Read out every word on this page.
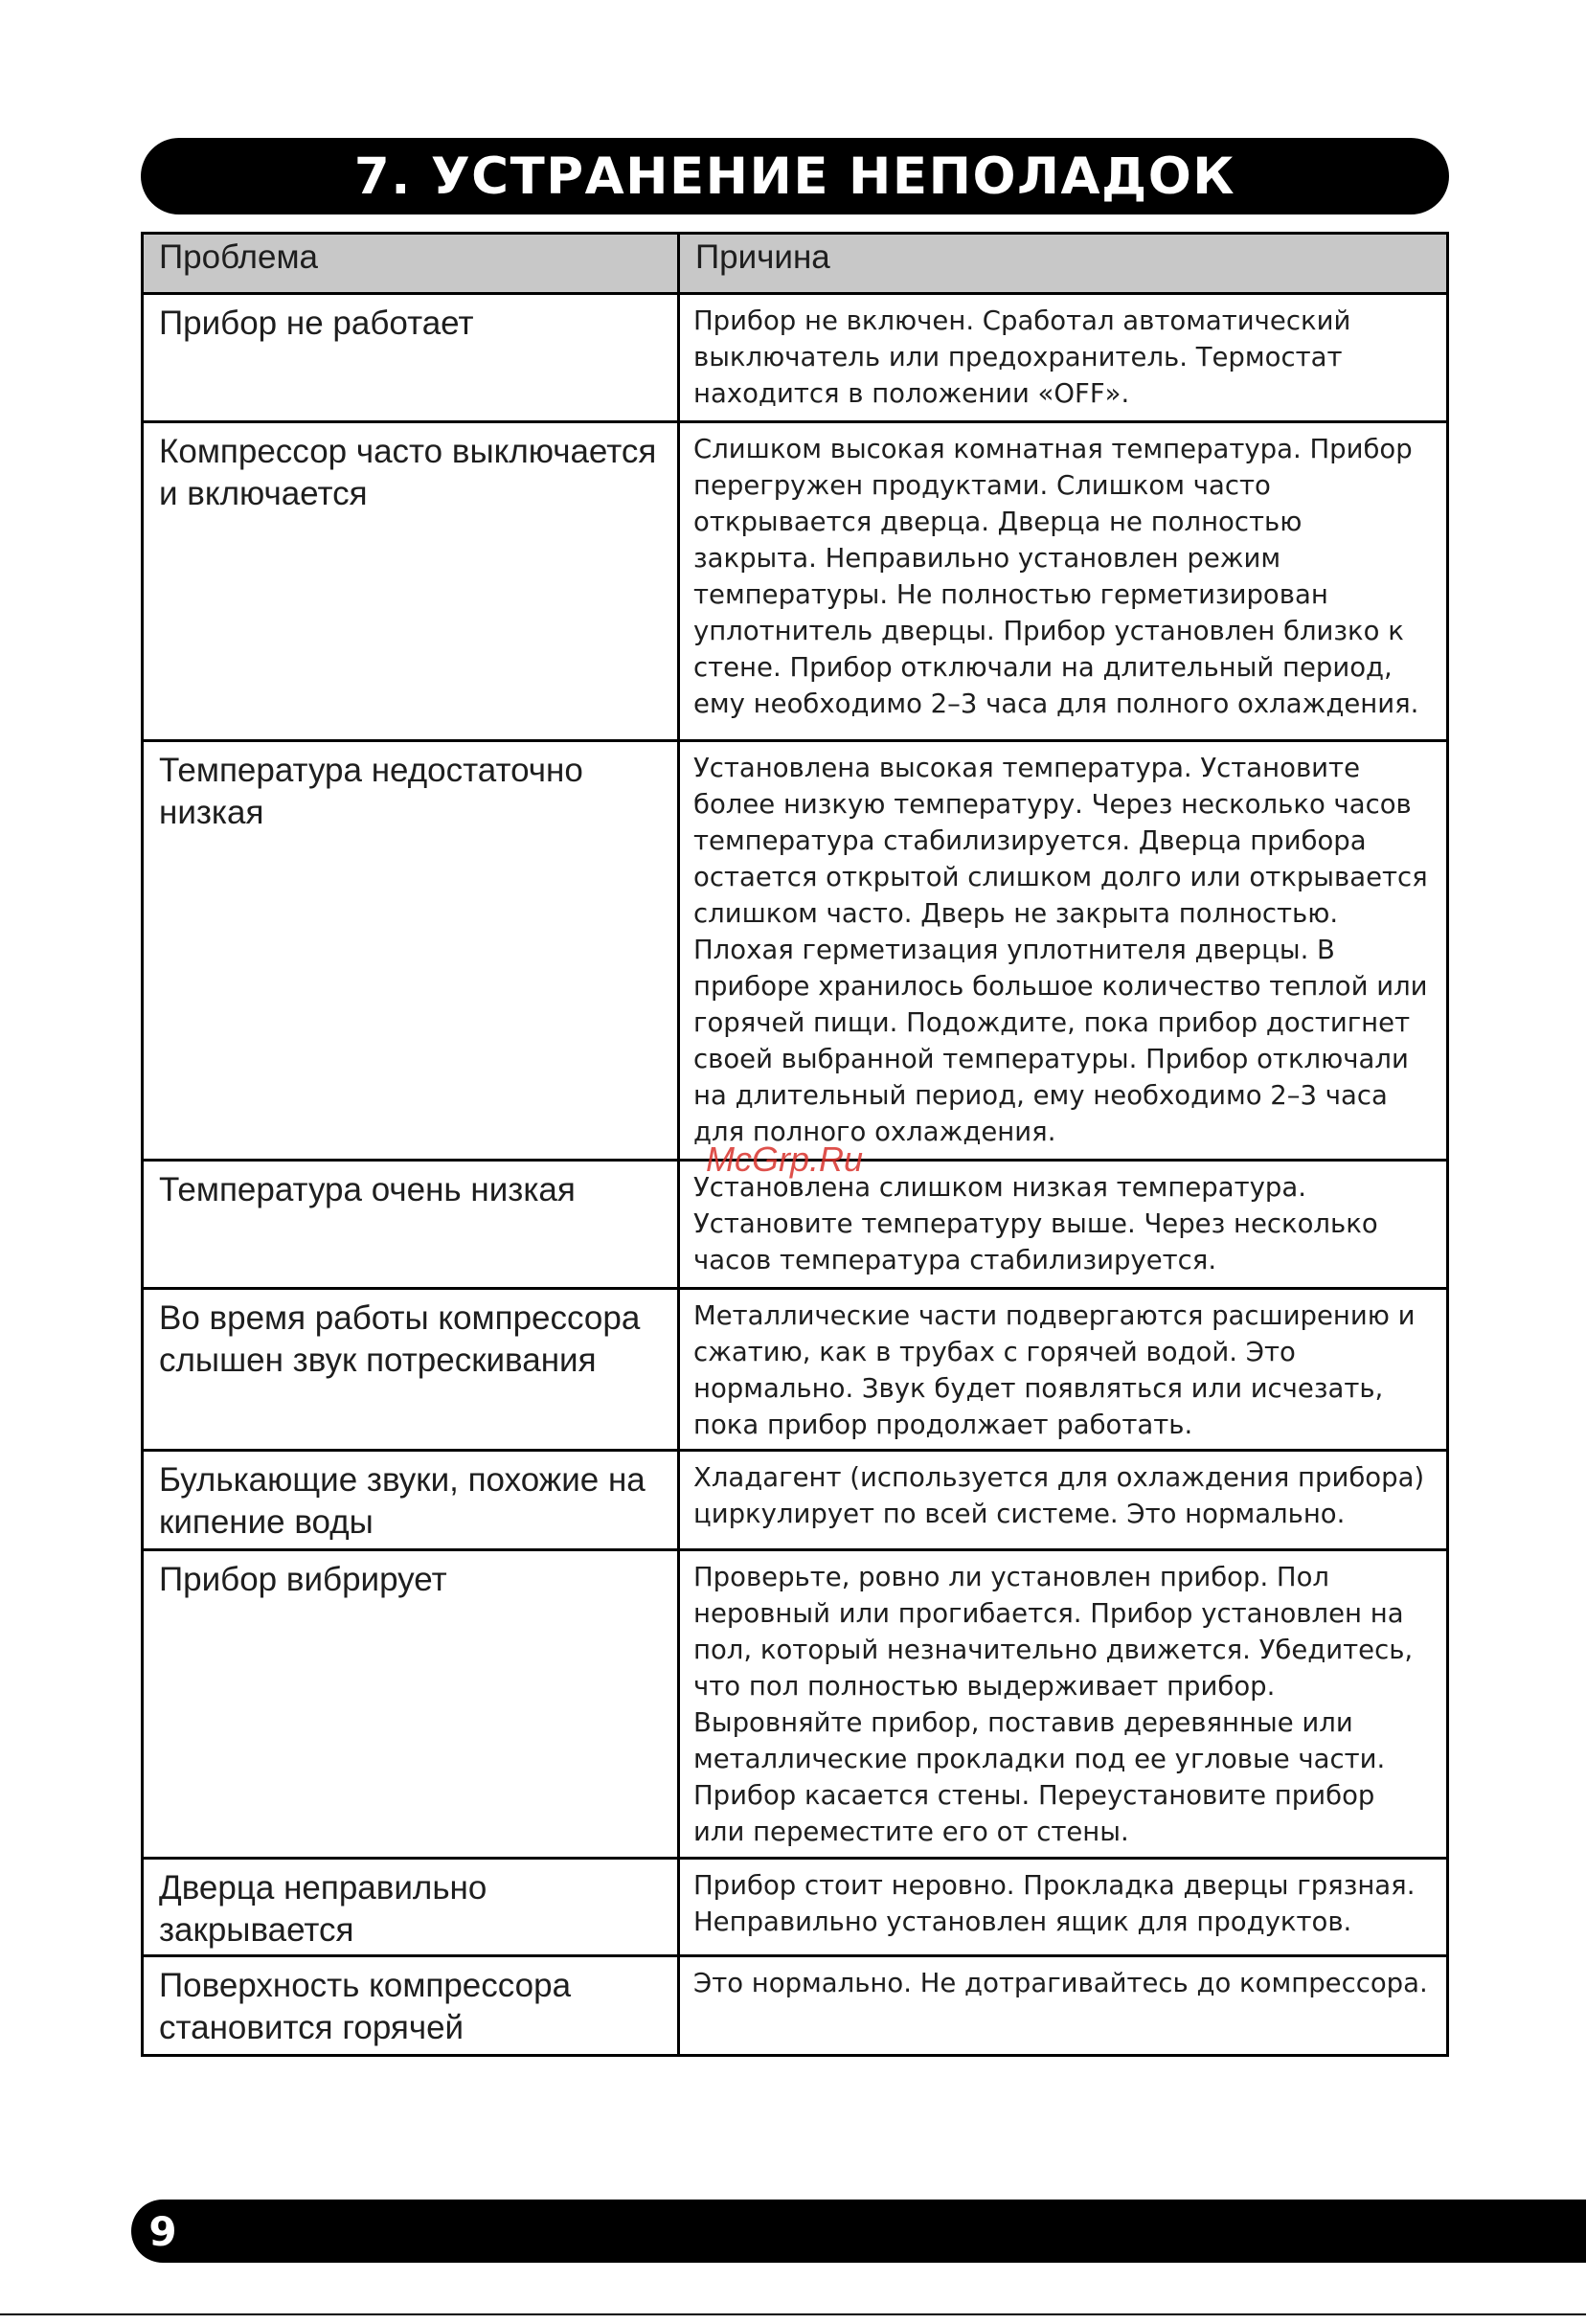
7. УСТРАНЕНИЕ НЕПОЛАДОК
Проблема	Причина
Прибор не работает	Прибор не включен. Сработал автоматический выключатель или предохранитель. Термостат находится в положении «OFF».
Компрессор часто выключается и включается	Слишком высокая комнатная температура. Прибор перегружен продуктами. Слишком часто открывается дверца. Дверца не полностью закрыта. Неправильно установлен режим температуры. Не полностью герметизирован уплотнитель дверцы. Прибор установлен близко к стене. Прибор отключали на длительный период, ему необходимо 2–3 часа для полного охлаждения.
Температура недостаточно низкая	Установлена высокая температура. Установите более низкую температуру. Через несколько часов температура стабилизируется. Дверца прибора остается открытой слишком долго или открывается слишком часто. Дверь не закрыта полностью. Плохая герметизация уплотнителя дверцы. В приборе хранилось большое количество теплой или горячей пищи. Подождите, пока прибор достигнет своей выбранной температуры. Прибор отключали на длительный период, ему необходимо 2–3 часа для полного охлаждения.
Температура очень низкая	Установлена слишком низкая температура. Установите температуру выше. Через несколько часов температура стабилизируется.
Во время работы компрессора слышен звук потрескивания	Металлические части подвергаются расширению и сжатию, как в трубах с горячей водой. Это нормально. Звук будет появляться или исчезать, пока прибор продолжает работать.
Булькающие звуки, похожие на кипение воды	Хладагент (используется для охлаждения прибора) циркулирует по всей системе. Это нормально.
Прибор вибрирует	Проверьте, ровно ли установлен прибор. Пол неровный или прогибается. Прибор установлен на пол, который незначительно движется. Убедитесь, что пол полностью выдерживает прибор. Выровняйте прибор, поставив деревянные или металлические прокладки под ее угловые части. Прибор касается стены. Переустановите прибор или переместите его от стены.
Дверца неправильно закрывается	Прибор стоит неровно. Прокладка дверцы грязная. Неправильно установлен ящик для продуктов.
Поверхность компрессора становится горячей	Это нормально. Не дотрагивайтесь до компрессора.
McGrp.Ru
9
